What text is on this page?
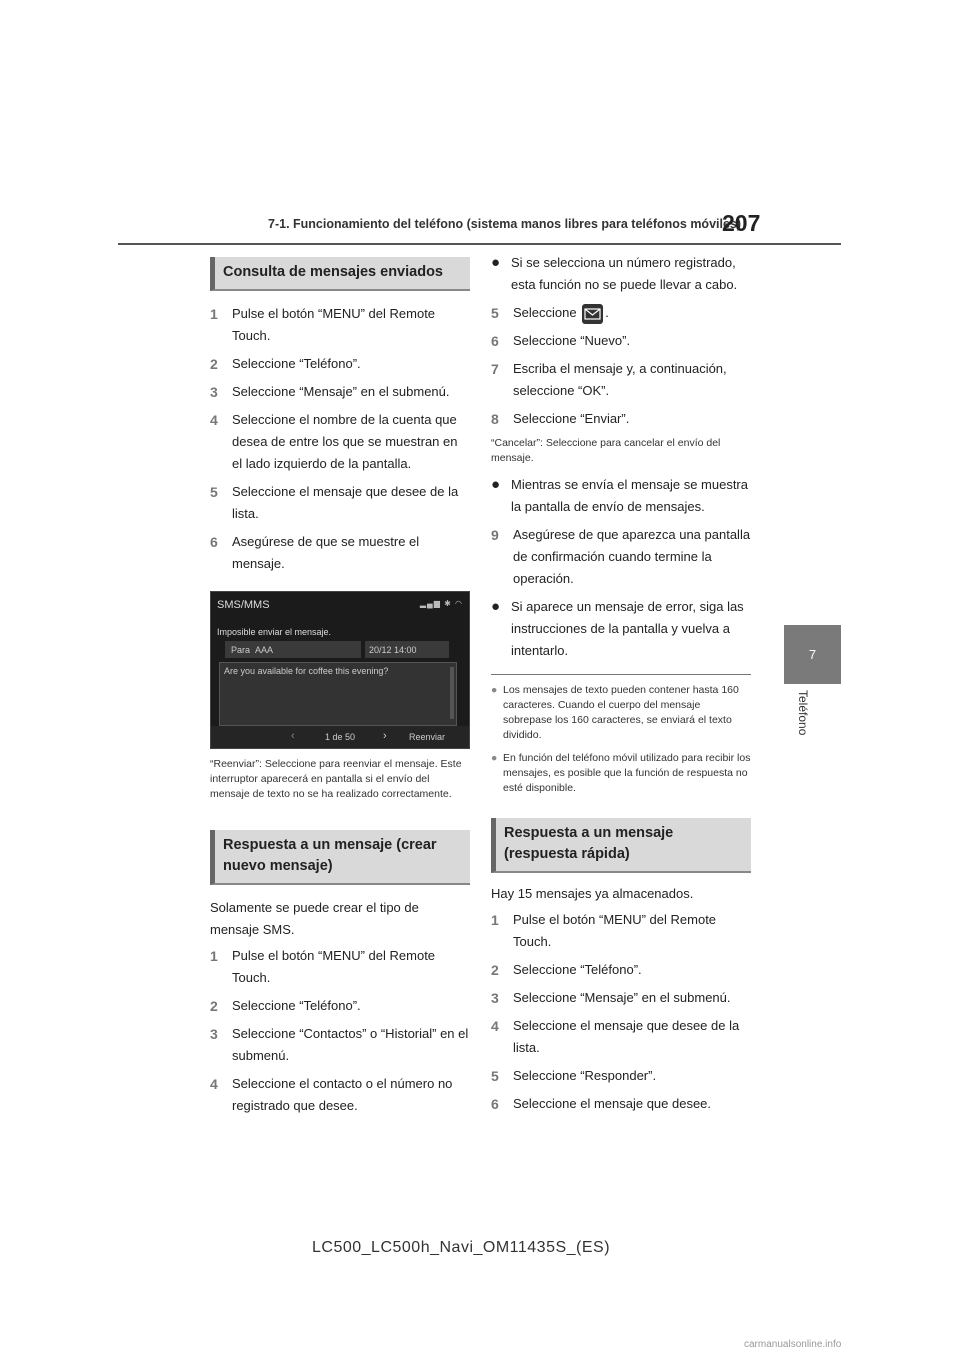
7-1. Funcionamiento del teléfono (sistema manos libres para teléfonos móviles)
207
7
Teléfono
Consulta de mensajes enviados
1	Pulse el botón “MENU” del Remote Touch.
2	Seleccione “Teléfono”.
3	Seleccione “Mensaje” en el submenú.
4	Seleccione el nombre de la cuenta que desea de entre los que se muestran en el lado izquierdo de la pantalla.
5	Seleccione el mensaje que desee de la lista.
6	Asegúrese de que se muestre el mensaje.
SMS/MMS	▂▄▆ ✱ ◠
Imposible enviar el mensaje.
Para AAA	20/12 14:00
Are you available for coffee this evening?
‹	1 de 50	› Reenviar
“Reenviar”: Seleccione para reenviar el mensaje. Este interruptor aparecerá en pantalla si el envío del mensaje de texto no se ha realizado correctamente.
Respuesta a un mensaje (crear nuevo mensaje)
Solamente se puede crear el tipo de mensaje SMS.
1	Pulse el botón “MENU” del Remote Touch.
2	Seleccione “Teléfono”.
3	Seleccione “Contactos” o “Historial” en el submenú.
4	Seleccione el contacto o el número no registrado que desee.
● Si se selecciona un número registrado, esta función no se puede llevar a cabo.
5	Seleccione .
6	Seleccione “Nuevo”.
7	Escriba el mensaje y, a continuación, seleccione “OK”.
8	Seleccione “Enviar”.
“Cancelar”: Seleccione para cancelar el envío del mensaje.
● Mientras se envía el mensaje se muestra la pantalla de envío de mensajes.
9	Asegúrese de que aparezca una pantalla de confirmación cuando termine la operación.
● Si aparece un mensaje de error, siga las instrucciones de la pantalla y vuelva a intentarlo.
● Los mensajes de texto pueden contener hasta 160 caracteres. Cuando el cuerpo del mensaje sobrepase los 160 caracteres, se enviará el texto dividido.
● En función del teléfono móvil utilizado para recibir los mensajes, es posible que la función de respuesta no esté disponible.
Respuesta a un mensaje (respuesta rápida)
Hay 15 mensajes ya almacenados.
1	Pulse el botón “MENU” del Remote Touch.
2	Seleccione “Teléfono”.
3	Seleccione “Mensaje” en el submenú.
4	Seleccione el mensaje que desee de la lista.
5	Seleccione “Responder”.
6	Seleccione el mensaje que desee.
LC500_LC500h_Navi_OM11435S_(ES)
carmanualsonline.info
